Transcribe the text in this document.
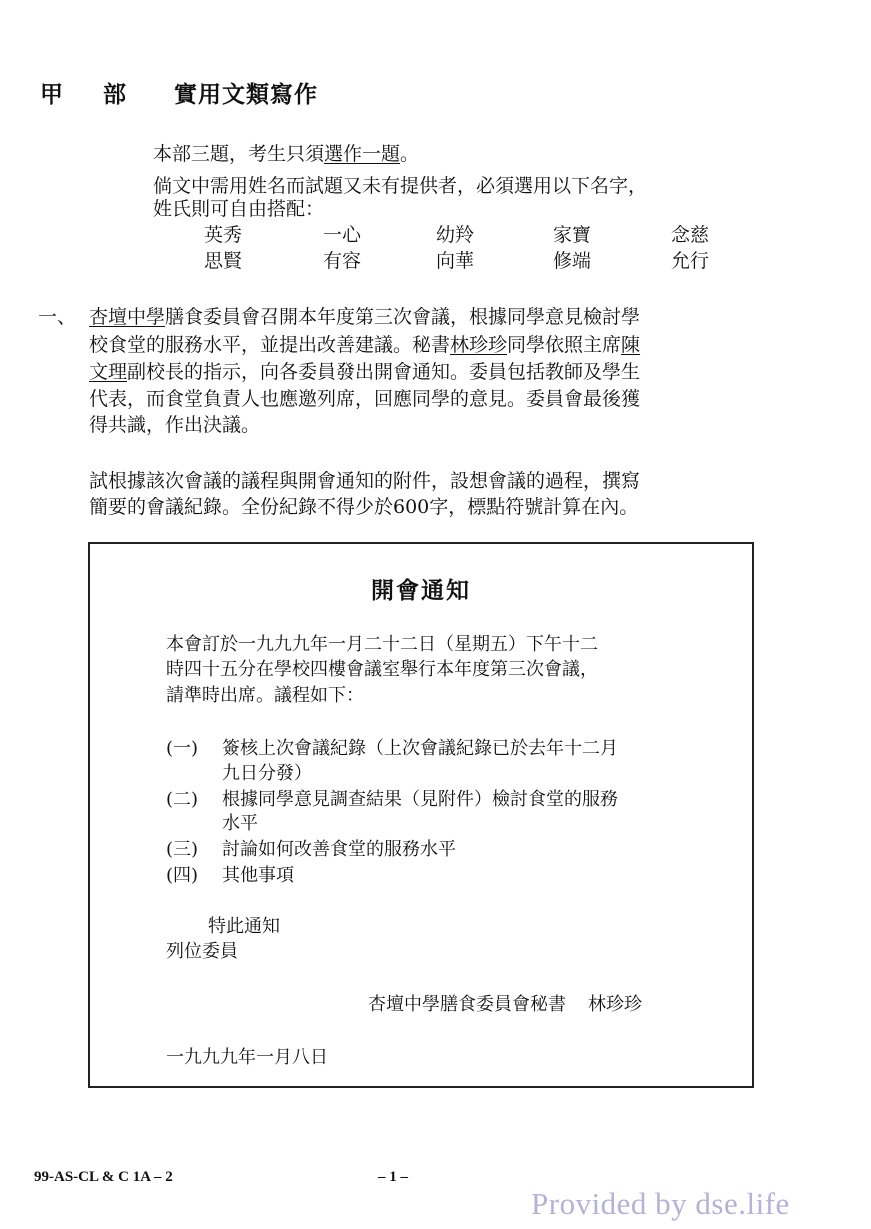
甲 部 實用文類寫作
本部三題，考生只須選作一題。
倘文中需用姓名而試題又未有提供者，必須選用以下名字，
姓氏則可自由搭配：
英秀	一心	幼羚	家寶	念慈
思賢	有容	向華	修端	允行
一、 杏壇中學膳食委員會召開本年度第三次會議，根據同學意見檢討學
校食堂的服務水平，並提出改善建議。秘書林珍珍同學依照主席陳
文理副校長的指示，向各委員發出開會通知。委員包括教師及學生
代表，而食堂負責人也應邀列席，回應同學的意見。委員會最後獲
得共識，作出決議。
試根據該次會議的議程與開會通知的附件，設想會議的過程，撰寫
簡要的會議紀錄。全份紀錄不得少於600字，標點符號計算在內。
開會通知
本會訂於一九九九年一月二十二日（星期五）下午十二
時四十五分在學校四樓會議室舉行本年度第三次會議，
請準時出席。議程如下：
(一) 簽核上次會議紀錄（上次會議紀錄已於去年十二月
九日分發）
(二) 根據同學意見調查結果（見附件）檢討食堂的服務
水平
(三) 討論如何改善食堂的服務水平
(四) 其他事項
特此通知
列位委員
杏壇中學膳食委員會秘書 林珍珍
一九九九年一月八日
99-AS-CL & C 1A – 2	– 1 –
Provided by dse.life
